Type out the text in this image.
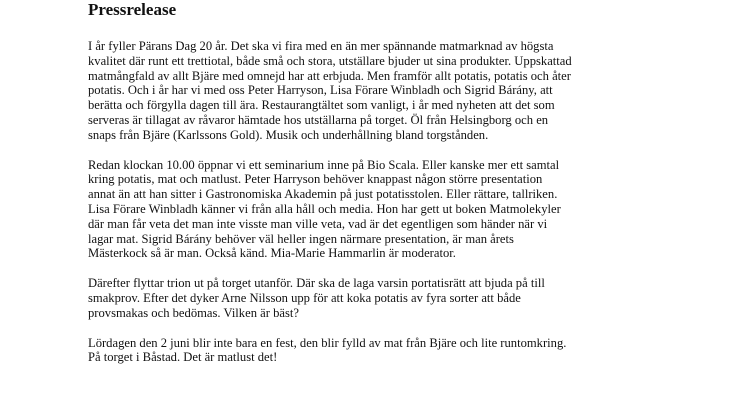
Pressrelease

I år fyller Pärans Dag 20 år. Det ska vi fira med en än mer spännande matmarknad av högsta
kvalitet där runt ett trettiotal, både små och stora, utställare bjuder ut sina produkter. Uppskattad
matmångfald av allt Bjäre med omnejd har att erbjuda. Men framför allt potatis, potatis och åter
potatis. Och i år har vi med oss Peter Harryson, Lisa Förare Winbladh och Sigrid Bárány, att
berätta och förgylla dagen till ära. Restaurangtältet som vanligt, i år med nyheten att det som
serveras är tillagat av råvaror hämtade hos utställarna på torget. Öl från Helsingborg och en
snaps från Bjäre (Karlssons Gold). Musik och underhållning bland torgstånden.

Redan klockan 10.00 öppnar vi ett seminarium inne på Bio Scala. Eller kanske mer ett samtal
kring potatis, mat och matlust. Peter Harryson behöver knappast någon större presentation
annat än att han sitter i Gastronomiska Akademin på just potatisstolen. Eller rättare, tallriken.
Lisa Förare Winbladh känner vi från alla håll och media. Hon har gett ut boken Matmolekyler
där man får veta det man inte visste man ville veta, vad är det egentligen som händer när vi
lagar mat. Sigrid Bárány behöver väl heller ingen närmare presentation, är man årets
Mästerkock så är man. Också känd. Mia-Marie Hammarlin är moderator.

Därefter flyttar trion ut på torget utanför. Där ska de laga varsin portatisrätt att bjuda på till
smakprov. Efter det dyker Arne Nilsson upp för att koka potatis av fyra sorter att både
provsmakas och bedömas. Vilken är bäst?

Lördagen den 2 juni blir inte bara en fest, den blir fylld av mat från Bjäre och lite runtomkring.
På torget i Båstad. Det är matlust det!
